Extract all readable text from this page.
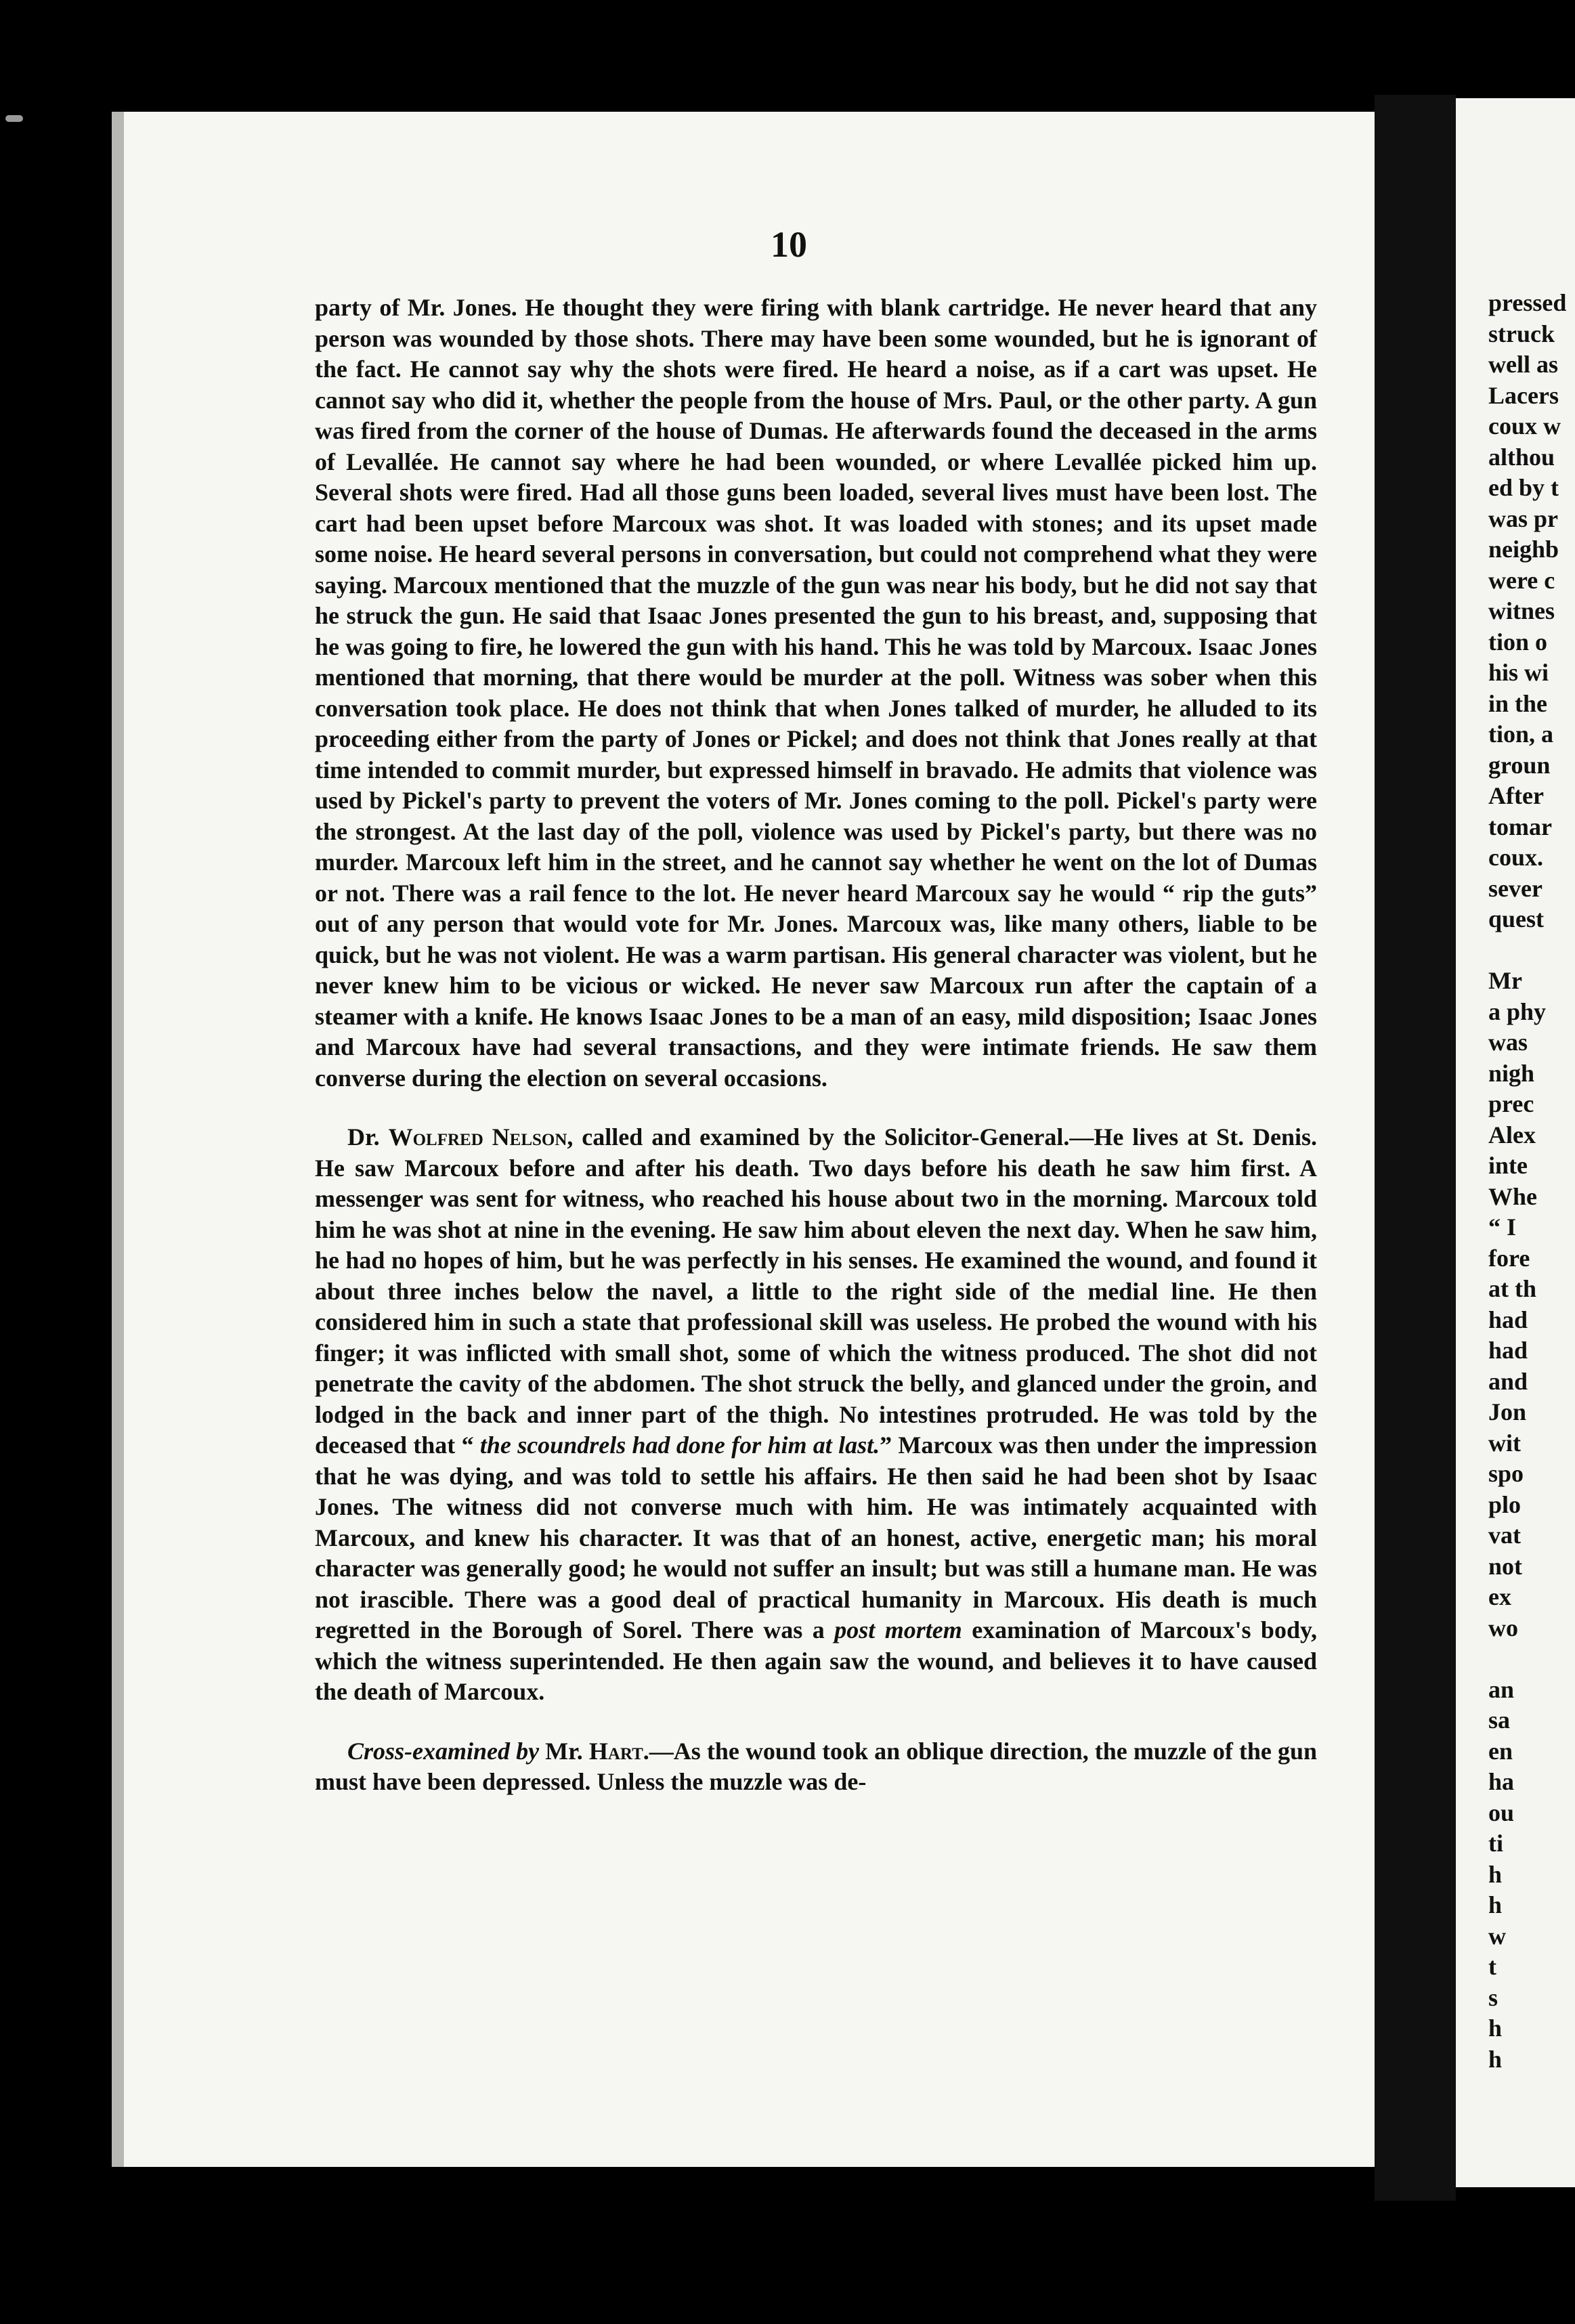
10

party of Mr. Jones. He thought they were firing with blank cartridge. He never heard that any person was wounded by those shots. There may have been some wounded, but he is ignorant of the fact. He cannot say why the shots were fired. He heard a noise, as if a cart was upset. He cannot say who did it, whether the people from the house of Mrs. Paul, or the other party. A gun was fired from the corner of the house of Dumas. He afterwards found the deceased in the arms of Levallée. He cannot say where he had been wounded, or where Levallée picked him up. Several shots were fired. Had all those guns been loaded, several lives must have been lost. The cart had been upset before Marcoux was shot. It was loaded with stones; and its upset made some noise. He heard several persons in conversation, but could not comprehend what they were saying. Marcoux mentioned that the muzzle of the gun was near his body, but he did not say that he struck the gun. He said that Isaac Jones presented the gun to his breast, and, supposing that he was going to fire, he lowered the gun with his hand. This he was told by Marcoux. Isaac Jones mentioned that morning, that there would be murder at the poll. Witness was sober when this conversation took place. He does not think that when Jones talked of murder, he alluded to its proceeding either from the party of Jones or Pickel; and does not think that Jones really at that time intended to commit murder, but expressed himself in bravado. He admits that violence was used by Pickel's party to prevent the voters of Mr. Jones coming to the poll. Pickel's party were the strongest. At the last day of the poll, violence was used by Pickel's party, but there was no murder. Marcoux left him in the street, and he cannot say whether he went on the lot of Dumas or not. There was a rail fence to the lot. He never heard Marcoux say he would “ rip the guts” out of any person that would vote for Mr. Jones. Marcoux was, like many others, liable to be quick, but he was not violent. He was a warm partisan. His general character was violent, but he never knew him to be vicious or wicked. He never saw Marcoux run after the captain of a steamer with a knife. He knows Isaac Jones to be a man of an easy, mild disposition; Isaac Jones and Marcoux have had several transactions, and they were intimate friends. He saw them converse during the election on several occasions.

Dr. Wolfred Nelson, called and examined by the Solicitor-General.—He lives at St. Denis. He saw Marcoux before and after his death. Two days before his death he saw him first. A messenger was sent for witness, who reached his house about two in the morning. Marcoux told him he was shot at nine in the evening. He saw him about eleven the next day. When he saw him, he had no hopes of him, but he was perfectly in his senses. He examined the wound, and found it about three inches below the navel, a little to the right side of the medial line. He then considered him in such a state that professional skill was useless. He probed the wound with his finger; it was inflicted with small shot, some of which the witness produced. The shot did not penetrate the cavity of the abdomen. The shot struck the belly, and glanced under the groin, and lodged in the back and inner part of the thigh. No intestines protruded. He was told by the deceased that “ the scoundrels had done for him at last.” Marcoux was then under the impression that he was dying, and was told to settle his affairs. He then said he had been shot by Isaac Jones. The witness did not converse much with him. He was intimately acquainted with Marcoux, and knew his character. It was that of an honest, active, energetic man; his moral character was generally good; he would not suffer an insult; but was still a humane man. He was not irascible. There was a good deal of practical humanity in Marcoux. His death is much regretted in the Borough of Sorel. There was a post mortem examination of Marcoux's body, which the witness superintended. He then again saw the wound, and believes it to have caused the death of Marcoux.

Cross-examined by Mr. Hart.—As the wound took an oblique direction, the muzzle of the gun must have been depressed. Unless the muzzle was de-

pressed
struck
well as
Lacers
coux w
althou
ed by t
was pr
neighb
were c
witnes
tion o
his wi
in the
tion, a
groun
After
tomar
coux.
sever
quest
Mr
a phy
was
nigh
prec
Alex
inte
Whe
“ I
fore
at th
had
had
and
Jon
wit
spo
plo
vat
not
ex
wo
an
sa
en
ha
ou
ti
h
h
w
t
s
h
h
